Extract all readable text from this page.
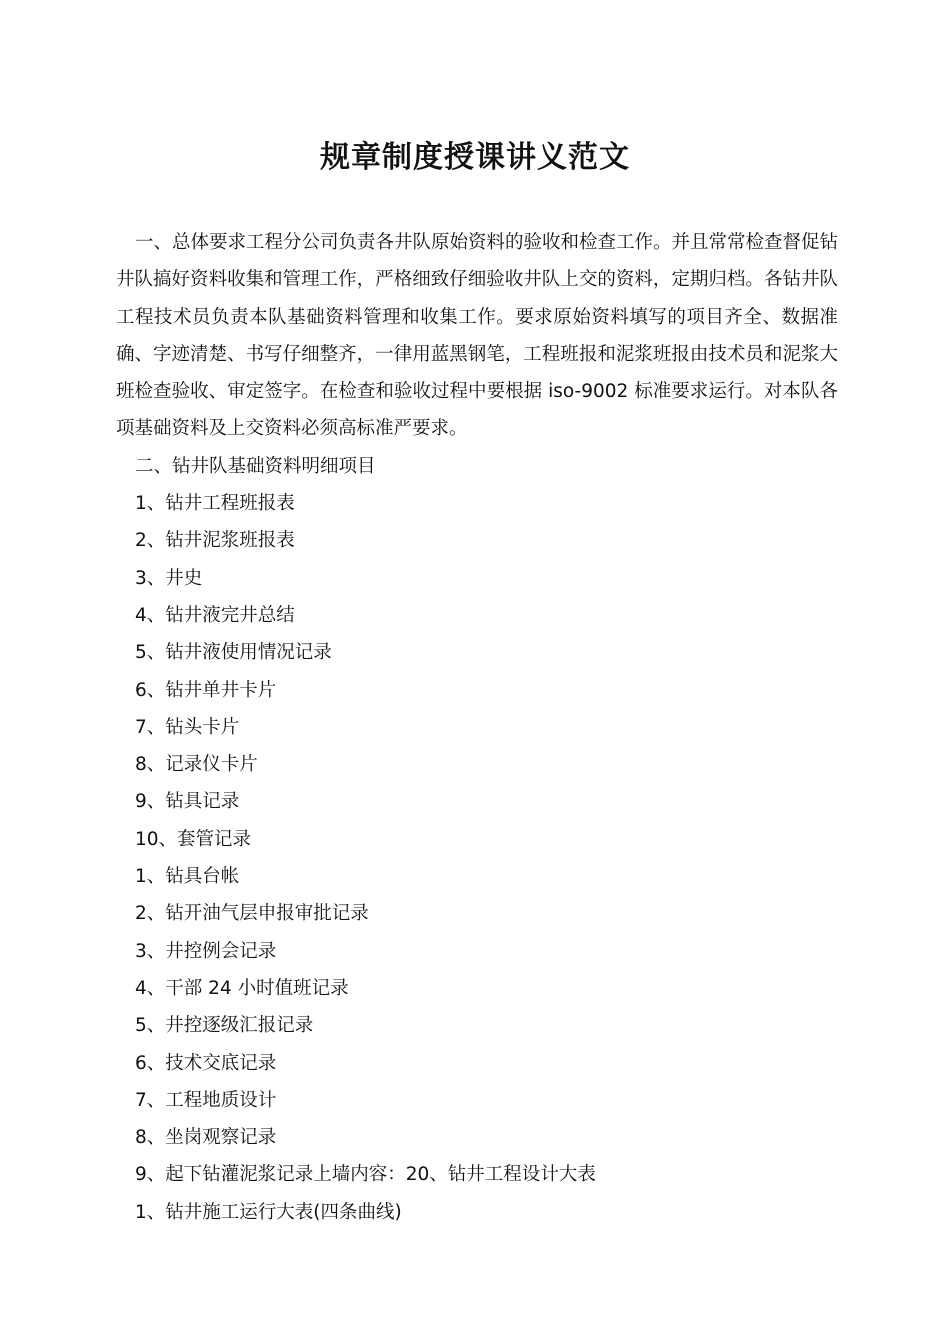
规章制度授课讲义范文

一、总体要求工程分公司负责各井队原始资料的验收和检查工作。并且常常检查督促钻井队搞好资料收集和管理工作，严格细致仔细验收井队上交的资料，定期归档。各钻井队工程技术员负责本队基础资料管理和收集工作。要求原始资料填写的项目齐全、数据准确、字迹清楚、书写仔细整齐，一律用蓝黑钢笔，工程班报和泥浆班报由技术员和泥浆大班检查验收、审定签字。在检查和验收过程中要根据 iso-9002 标准要求运行。对本队各项基础资料及上交资料必须高标准严要求。

二、钻井队基础资料明细项目

1、钻井工程班报表
2、钻井泥浆班报表
3、井史
4、钻井液完井总结
5、钻井液使用情况记录
6、钻井单井卡片
7、钻头卡片
8、记录仪卡片
9、钻具记录
10、套管记录
1、钻具台帐
2、钻开油气层申报审批记录
3、井控例会记录
4、干部 24 小时值班记录
5、井控逐级汇报记录
6、技术交底记录
7、工程地质设计
8、坐岗观察记录
9、起下钻灌泥浆记录上墙内容：20、钻井工程设计大表
1、钻井施工运行大表(四条曲线)
